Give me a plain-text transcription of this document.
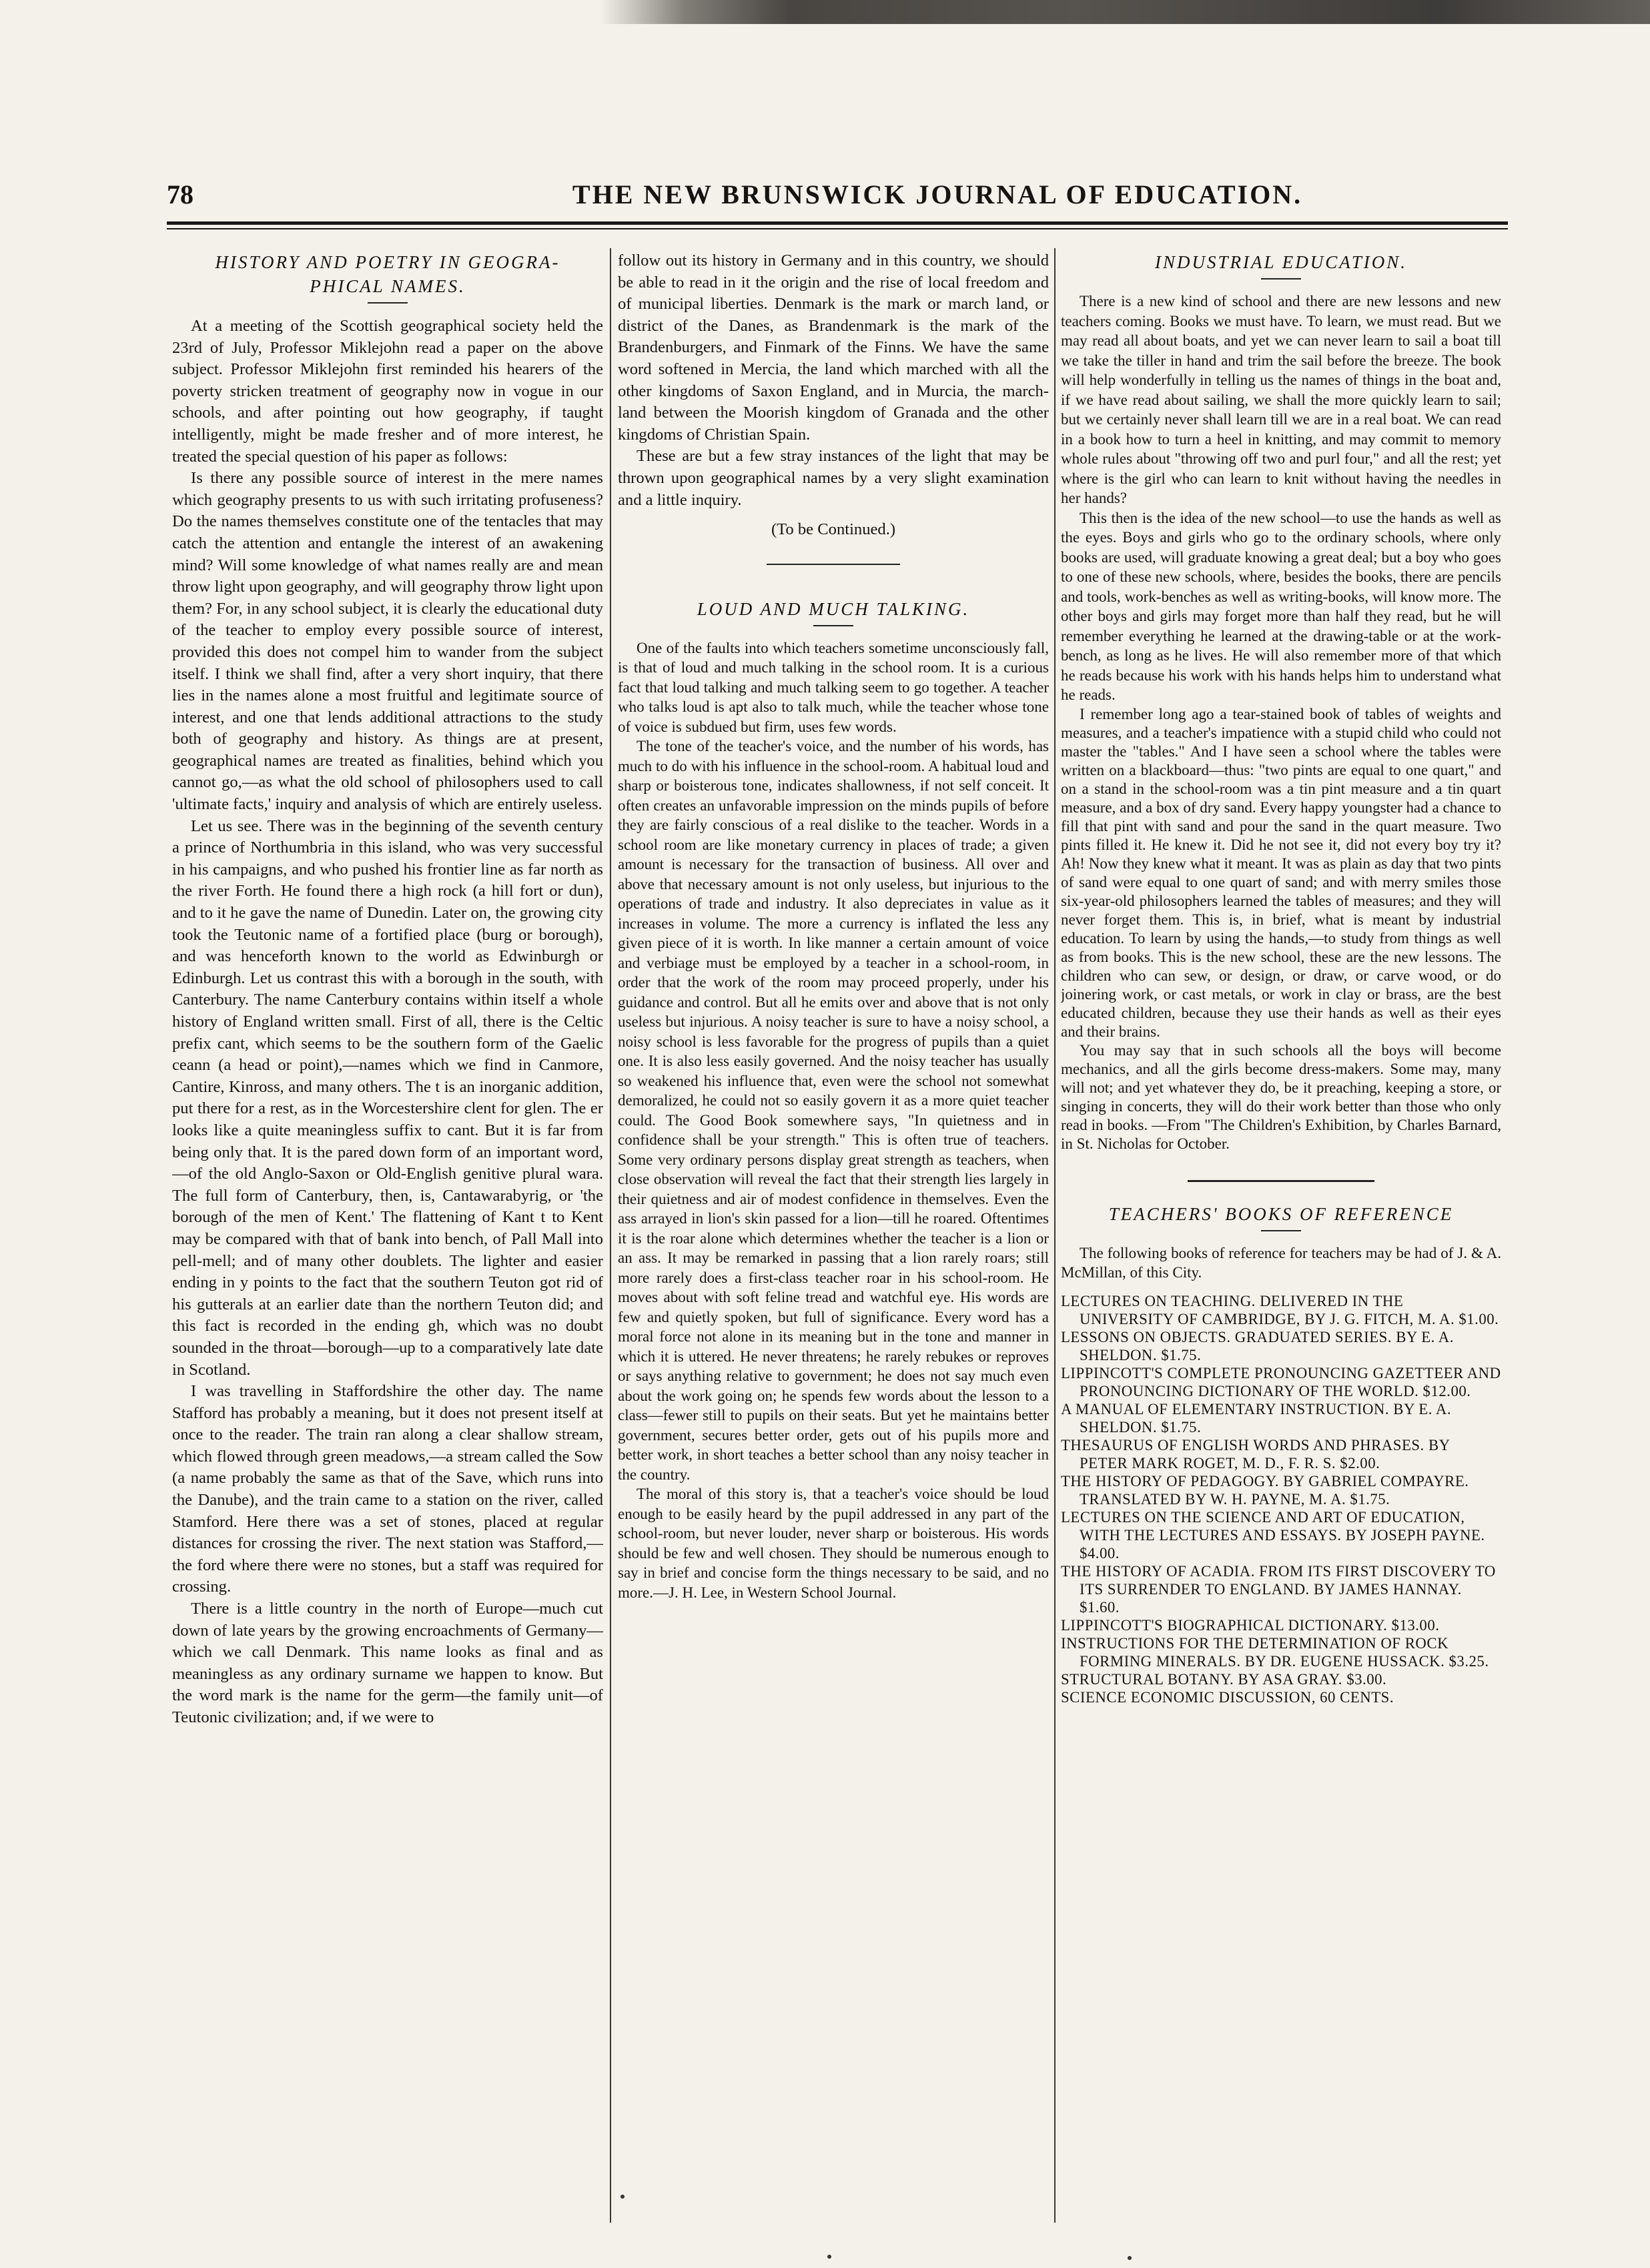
78	THE NEW BRUNSWICK JOURNAL OF EDUCATION.
HISTORY AND POETRY IN GEOGRA-
PHICAL NAMES.

At a meeting of the Scottish geographical society held the 23rd of July, Professor Miklejohn read a paper on the above subject. Professor Miklejohn first reminded his hearers of the poverty stricken treatment of geography now in vogue in our schools, and after pointing out how geography, if taught intelligently, might be made fresher and of more interest, he treated the special question of his paper as follows:

Is there any possible source of interest in the mere names which geography presents to us with such irritating profuseness? Do the names themselves constitute one of the tentacles that may catch the attention and entangle the interest of an awakening mind? Will some knowledge of what names really are and mean throw light upon geography, and will geography throw light upon them? For, in any school subject, it is clearly the educational duty of the teacher to employ every possible source of interest, provided this does not compel him to wander from the subject itself. I think we shall find, after a very short inquiry, that there lies in the names alone a most fruitful and legitimate source of interest, and one that lends additional attractions to the study both of geography and history. As things are at present, geographical names are treated as finalities, behind which you cannot go,—as what the old school of philosophers used to call 'ultimate facts,' inquiry and analysis of which are entirely useless.

Let us see. There was in the beginning of the seventh century a prince of Northumbria in this island, who was very successful in his campaigns, and who pushed his frontier line as far north as the river Forth. He found there a high rock (a hill fort or dun), and to it he gave the name of Dunedin. Later on, the growing city took the Teutonic name of a fortified place (burg or borough), and was henceforth known to the world as Edwinburgh or Edinburgh. Let us contrast this with a borough in the south, with Canterbury. The name Canterbury contains within itself a whole history of England written small. First of all, there is the Celtic prefix cant, which seems to be the southern form of the Gaelic ceann (a head or point),—names which we find in Canmore, Cantire, Kinross, and many others. The t is an inorganic addition, put there for a rest, as in the Worcestershire clent for glen. The er looks like a quite meaningless suffix to cant. But it is far from being only that. It is the pared down form of an important word,—of the old Anglo-Saxon or Old-English genitive plural wara. The full form of Canterbury, then, is, Cantawarabyrig, or 'the borough of the men of Kent.' The flattening of Kant t to Kent may be compared with that of bank into bench, of Pall Mall into pell-mell; and of many other doublets. The lighter and easier ending in y points to the fact that the southern Teuton got rid of his gutterals at an earlier date than the northern Teuton did; and this fact is recorded in the ending gh, which was no doubt sounded in the throat—borough—up to a comparatively late date in Scotland.

I was travelling in Staffordshire the other day. The name Stafford has probably a meaning, but it does not present itself at once to the reader. The train ran along a clear shallow stream, which flowed through green meadows,—a stream called the Sow (a name probably the same as that of the Save, which runs into the Danube), and the train came to a station on the river, called Stamford. Here there was a set of stones, placed at regular distances for crossing the river. The next station was Stafford,—the ford where there were no stones, but a staff was required for crossing.

There is a little country in the north of Europe—much cut down of late years by the growing encroachments of Germany—which we call Denmark. This name looks as final and as meaningless as any ordinary surname we happen to know. But the word mark is the name for the germ—the family unit—of Teutonic civilization; and, if we were to

follow out its history in Germany and in this country, we should be able to read in it the origin and the rise of local freedom and of municipal liberties. Denmark is the mark or march land, or district of the Danes, as Brandenmark is the mark of the Brandenburgers, and Finmark of the Finns. We have the same word softened in Mercia, the land which marched with all the other kingdoms of Saxon England, and in Murcia, the march-land between the Moorish kingdom of Granada and the other kingdoms of Christian Spain.

These are but a few stray instances of the light that may be thrown upon geographical names by a very slight examination and a little inquiry.

(To be Continued.)

LOUD AND MUCH TALKING.

One of the faults into which teachers sometime unconsciously fall, is that of loud and much talking in the school room. It is a curious fact that loud talking and much talking seem to go together. A teacher who talks loud is apt also to talk much, while the teacher whose tone of voice is subdued but firm, uses few words.

The tone of the teacher's voice, and the number of his words, has much to do with his influence in the school-room. A habitual loud and sharp or boisterous tone, indicates shallowness, if not self conceit. It often creates an unfavorable impression on the minds pupils of before they are fairly conscious of a real dislike to the teacher. Words in a school room are like monetary currency in places of trade; a given amount is necessary for the transaction of business. All over and above that necessary amount is not only useless, but injurious to the operations of trade and industry. It also depreciates in value as it increases in volume. The more a currency is inflated the less any given piece of it is worth. In like manner a certain amount of voice and verbiage must be employed by a teacher in a school-room, in order that the work of the room may proceed properly, under his guidance and control. But all he emits over and above that is not only useless but injurious. A noisy teacher is sure to have a noisy school, a noisy school is less favorable for the progress of pupils than a quiet one. It is also less easily governed. And the noisy teacher has usually so weakened his influence that, even were the school not somewhat demoralized, he could not so easily govern it as a more quiet teacher could. The Good Book somewhere says, "In quietness and in confidence shall be your strength." This is often true of teachers. Some very ordinary persons display great strength as teachers, when close observation will reveal the fact that their strength lies largely in their quietness and air of modest confidence in themselves. Even the ass arrayed in lion's skin passed for a lion—till he roared. Oftentimes it is the roar alone which determines whether the teacher is a lion or an ass. It may be remarked in passing that a lion rarely roars; still more rarely does a first-class teacher roar in his school-room. He moves about with soft feline tread and watchful eye. His words are few and quietly spoken, but full of significance. Every word has a moral force not alone in its meaning but in the tone and manner in which it is uttered. He never threatens; he rarely rebukes or reproves or says anything relative to government; he does not say much even about the work going on; he spends few words about the lesson to a class—fewer still to pupils on their seats. But yet he maintains better government, secures better order, gets out of his pupils more and better work, in short teaches a better school than any noisy teacher in the country.

The moral of this story is, that a teacher's voice should be loud enough to be easily heard by the pupil addressed in any part of the school-room, but never louder, never sharp or boisterous. His words should be few and well chosen. They should be numerous enough to say in brief and concise form the things necessary to be said, and no more.—J. H. Lee, in Western School Journal.

INDUSTRIAL EDUCATION.

There is a new kind of school and there are new lessons and new teachers coming. Books we must have. To learn, we must read. But we may read all about boats, and yet we can never learn to sail a boat till we take the tiller in hand and trim the sail before the breeze. The book will help wonderfully in telling us the names of things in the boat and, if we have read about sailing, we shall the more quickly learn to sail; but we certainly never shall learn till we are in a real boat. We can read in a book how to turn a heel in knitting, and may commit to memory whole rules about "throwing off two and purl four," and all the rest; yet where is the girl who can learn to knit without having the needles in her hands?

This then is the idea of the new school—to use the hands as well as the eyes. Boys and girls who go to the ordinary schools, where only books are used, will graduate knowing a great deal; but a boy who goes to one of these new schools, where, besides the books, there are pencils and tools, work-benches as well as writing-books, will know more. The other boys and girls may forget more than half they read, but he will remember everything he learned at the drawing-table or at the work-bench, as long as he lives. He will also remember more of that which he reads because his work with his hands helps him to understand what he reads.

I remember long ago a tear-stained book of tables of weights and measures, and a teacher's impatience with a stupid child who could not master the "tables." And I have seen a school where the tables were written on a blackboard—thus: "two pints are equal to one quart," and on a stand in the school-room was a tin pint measure and a tin quart measure, and a box of dry sand. Every happy youngster had a chance to fill that pint with sand and pour the sand in the quart measure. Two pints filled it. He knew it. Did he not see it, did not every boy try it? Ah! Now they knew what it meant. It was as plain as day that two pints of sand were equal to one quart of sand; and with merry smiles those six-year-old philosophers learned the tables of measures; and they will never forget them. This is, in brief, what is meant by industrial education. To learn by using the hands,—to study from things as well as from books. This is the new school, these are the new lessons. The children who can sew, or design, or draw, or carve wood, or do joinering work, or cast metals, or work in clay or brass, are the best educated children, because they use their hands as well as their eyes and their brains.

You may say that in such schools all the boys will become mechanics, and all the girls become dress-makers. Some may, many will not; and yet whatever they do, be it preaching, keeping a store, or singing in concerts, they will do their work better than those who only read in books. —From "The Children's Exhibition, by Charles Barnard, in St. Nicholas for October.

TEACHERS' BOOKS OF REFERENCE

The following books of reference for teachers may be had of J. & A. McMillan, of this City.

LECTURES ON TEACHING. DELIVERED IN THE UNIVERSITY OF CAMBRIDGE, BY J. G. FITCH, M. A. $1.00.
LESSONS ON OBJECTS. GRADUATED SERIES. BY E. A. SHELDON. $1.75.
LIPPINCOTT'S COMPLETE PRONOUNCING GAZETTEER AND PRONOUNCING DICTIONARY OF THE WORLD. $12.00.
A MANUAL OF ELEMENTARY INSTRUCTION. BY E. A. SHELDON. $1.75.
THESAURUS OF ENGLISH WORDS AND PHRASES. BY PETER MARK ROGET, M. D., F. R. S. $2.00.
THE HISTORY OF PEDAGOGY. BY GABRIEL COMPAYRE. TRANSLATED BY W. H. PAYNE, M. A. $1.75.
LECTURES ON THE SCIENCE AND ART OF EDUCATION, WITH THE LECTURES AND ESSAYS. BY JOSEPH PAYNE. $4.00.
THE HISTORY OF ACADIA. FROM ITS FIRST DISCOVERY TO ITS SURRENDER TO ENGLAND. BY JAMES HANNAY. $1.60.
LIPPINCOTT'S BIOGRAPHICAL DICTIONARY. $13.00.
INSTRUCTIONS FOR THE DETERMINATION OF ROCK FORMING MINERALS. BY DR. EUGENE HUSSACK. $3.25.
STRUCTURAL BOTANY. BY ASA GRAY. $3.00.
SCIENCE ECONOMIC DISCUSSION, 60 CENTS.
